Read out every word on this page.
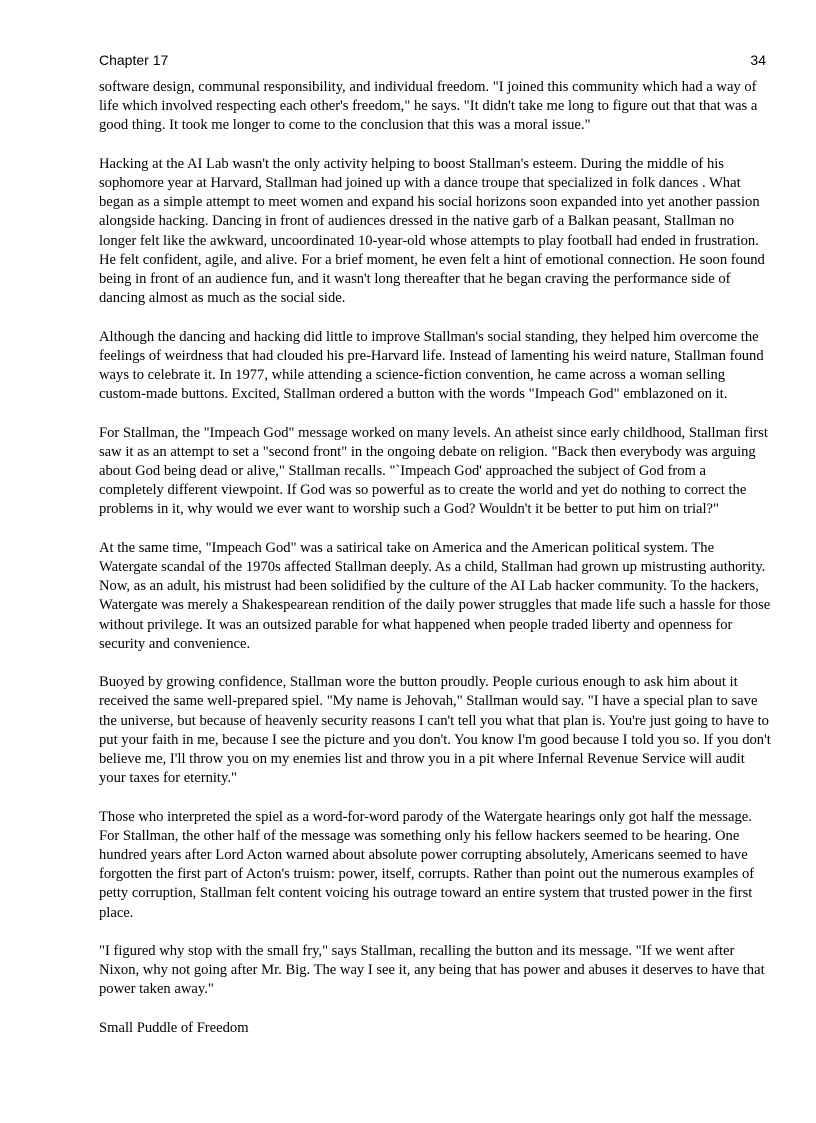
Chapter 17	34

software design, communal responsibility, and individual freedom. "I joined this community which had a way of life which involved respecting each other's freedom," he says. "It didn't take me long to figure out that that was a good thing. It took me longer to come to the conclusion that this was a moral issue."

Hacking at the AI Lab wasn't the only activity helping to boost Stallman's esteem. During the middle of his sophomore year at Harvard, Stallman had joined up with a dance troupe that specialized in folk dances . What began as a simple attempt to meet women and expand his social horizons soon expanded into yet another passion alongside hacking. Dancing in front of audiences dressed in the native garb of a Balkan peasant, Stallman no longer felt like the awkward, uncoordinated 10-year-old whose attempts to play football had ended in frustration. He felt confident, agile, and alive. For a brief moment, he even felt a hint of emotional connection. He soon found being in front of an audience fun, and it wasn't long thereafter that he began craving the performance side of dancing almost as much as the social side.

Although the dancing and hacking did little to improve Stallman's social standing, they helped him overcome the feelings of weirdness that had clouded his pre-Harvard life. Instead of lamenting his weird nature, Stallman found ways to celebrate it. In 1977, while attending a science-fiction convention, he came across a woman selling custom-made buttons. Excited, Stallman ordered a button with the words "Impeach God" emblazoned on it.

For Stallman, the "Impeach God" message worked on many levels. An atheist since early childhood, Stallman first saw it as an attempt to set a "second front" in the ongoing debate on religion. "Back then everybody was arguing about God being dead or alive," Stallman recalls. "`Impeach God' approached the subject of God from a completely different viewpoint. If God was so powerful as to create the world and yet do nothing to correct the problems in it, why would we ever want to worship such a God? Wouldn't it be better to put him on trial?"

At the same time, "Impeach God" was a satirical take on America and the American political system. The Watergate scandal of the 1970s affected Stallman deeply. As a child, Stallman had grown up mistrusting authority. Now, as an adult, his mistrust had been solidified by the culture of the AI Lab hacker community. To the hackers, Watergate was merely a Shakespearean rendition of the daily power struggles that made life such a hassle for those without privilege. It was an outsized parable for what happened when people traded liberty and openness for security and convenience.

Buoyed by growing confidence, Stallman wore the button proudly. People curious enough to ask him about it received the same well-prepared spiel. "My name is Jehovah," Stallman would say. "I have a special plan to save the universe, but because of heavenly security reasons I can't tell you what that plan is. You're just going to have to put your faith in me, because I see the picture and you don't. You know I'm good because I told you so. If you don't believe me, I'll throw you on my enemies list and throw you in a pit where Infernal Revenue Service will audit your taxes for eternity."

Those who interpreted the spiel as a word-for-word parody of the Watergate hearings only got half the message. For Stallman, the other half of the message was something only his fellow hackers seemed to be hearing. One hundred years after Lord Acton warned about absolute power corrupting absolutely, Americans seemed to have forgotten the first part of Acton's truism: power, itself, corrupts. Rather than point out the numerous examples of petty corruption, Stallman felt content voicing his outrage toward an entire system that trusted power in the first place.

"I figured why stop with the small fry," says Stallman, recalling the button and its message. "If we went after Nixon, why not going after Mr. Big. The way I see it, any being that has power and abuses it deserves to have that power taken away."

Small Puddle of Freedom
